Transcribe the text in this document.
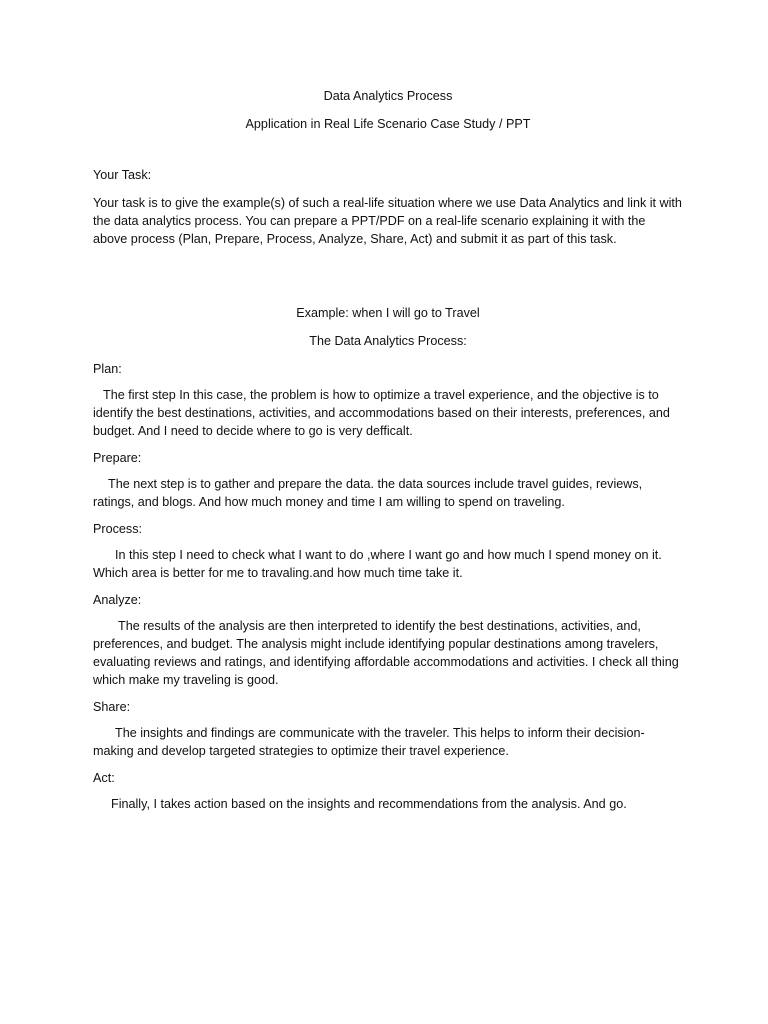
Data Analytics Process

Application in Real Life Scenario Case Study / PPT

Your Task:

Your task is to give the example(s) of such a real-life situation where we use Data Analytics and link it with the data analytics process. You can prepare a PPT/PDF on a real-life scenario explaining it with the above process (Plan, Prepare, Process, Analyze, Share, Act) and submit it as part of this task.

Example: when I will go to Travel

The Data Analytics Process:

Plan:

The first step In this case, the problem is how to optimize a travel experience, and the objective is to identify the best destinations, activities, and accommodations based on their interests, preferences, and budget. And I need to decide where to go is very defficalt.

Prepare:

The next step is to gather and prepare the data. the data sources include travel guides, reviews, ratings, and blogs. And how much money and time I am willing to spend on traveling.

Process:

In this step I need to check what I want to do ,where I want go and how much I spend money on it. Which area is better for me to travaling.and how much time take it.

Analyze:

The results of the analysis are then interpreted to identify the best destinations, activities, and, preferences, and budget. The analysis might include identifying popular destinations among travelers, evaluating reviews and ratings, and identifying affordable accommodations and activities. I check all thing which make my traveling is good.

Share:

The insights and findings are communicate with the traveler. This helps to inform their decision-making and develop targeted strategies to optimize their travel experience.

Act:

Finally, I takes action based on the insights and recommendations from the analysis. And go.
